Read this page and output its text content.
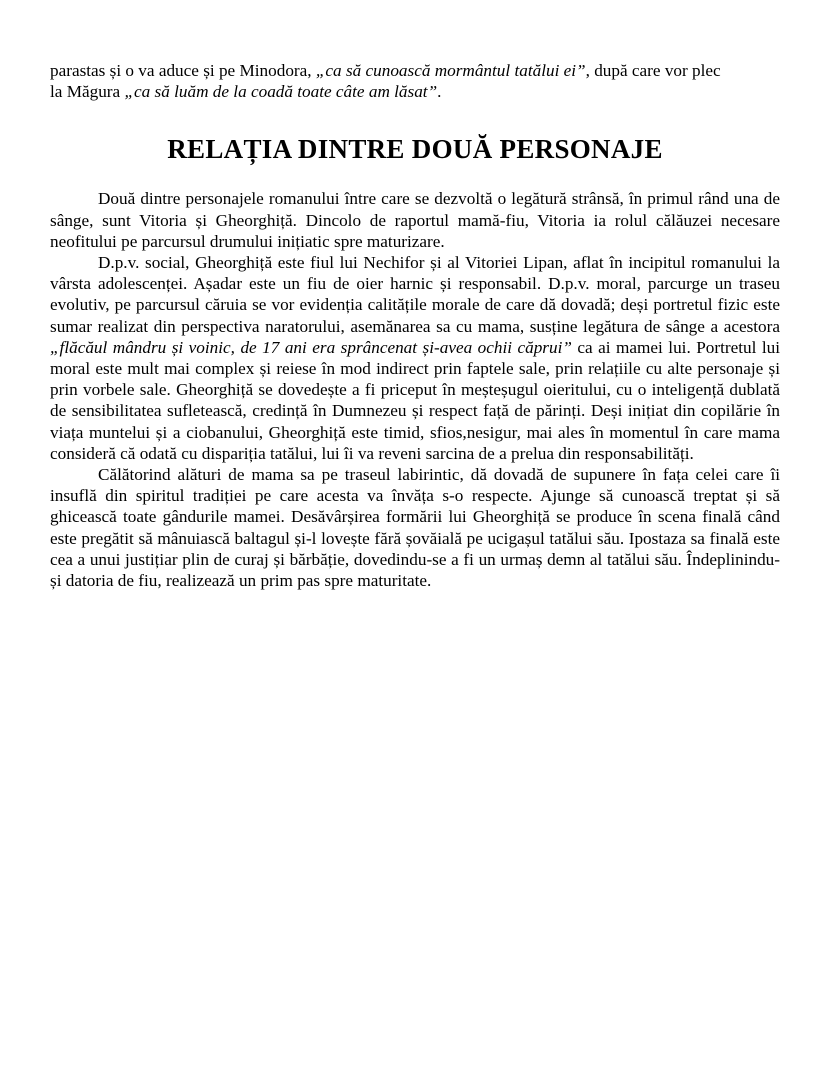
parastas și o va aduce și pe Minodora, „ca să cunoască mormântul tatălui ei”, după care vor plec
la Măgura „ca să luăm de la coadă toate câte am lăsat”.

RELAȚIA DINTRE DOUĂ PERSONAJE

Două dintre personajele romanului între care se dezvoltă o legătură strânsă, în primul rând una de sânge, sunt Vitoria și Gheorghiță. Dincolo de raportul mamă-fiu, Vitoria ia rolul călăuzei necesare neofitului pe parcursul drumului inițiatic spre maturizare.

D.p.v. social, Gheorghiță este fiul lui Nechifor și al Vitoriei Lipan, aflat în incipitul romanului la vârsta adolescenței. Așadar este un fiu de oier harnic și responsabil. D.p.v. moral, parcurge un traseu evolutiv, pe parcursul căruia se vor evidenția calitățile morale de care dă dovadă; deși portretul fizic este sumar realizat din perspectiva naratorului, asemănarea sa cu mama, susține legătura de sânge a acestora „flăcăul mândru și voinic, de 17 ani era sprâncenat și-avea ochii căprui” ca ai mamei lui. Portretul lui moral este mult mai complex și reiese în mod indirect prin faptele sale, prin relațiile cu alte personaje și prin vorbele sale. Gheorghiță se dovedește a fi priceput în meșteșugul oieritului, cu o inteligență dublată de sensibilitatea sufletească, credință în Dumnezeu și respect față de părinți. Deși inițiat din copilărie în viața muntelui și a ciobanului, Gheorghiță este timid, sfios,nesigur, mai ales în momentul în care mama consideră că odată cu dispariția tatălui, lui îi va reveni sarcina de a prelua din responsabilități.

Călătorind alături de mama sa pe traseul labirintic, dă dovadă de supunere în fața celei care îi insuflă din spiritul tradiției pe care acesta va învăța s-o respecte. Ajunge să cunoască treptat și să ghicească toate gândurile mamei. Desăvârșirea formării lui Gheorghiță se produce în scena finală când este pregătit să mânuiască baltagul și-l lovește fără șovăială pe ucigașul tatălui său. Ipostaza sa finală este cea a unui justițiar plin de curaj și bărbăție, dovedindu-se a fi un urmaș demn al tatălui său. Îndeplinindu-și datoria de fiu, realizează un prim pas spre maturitate.
